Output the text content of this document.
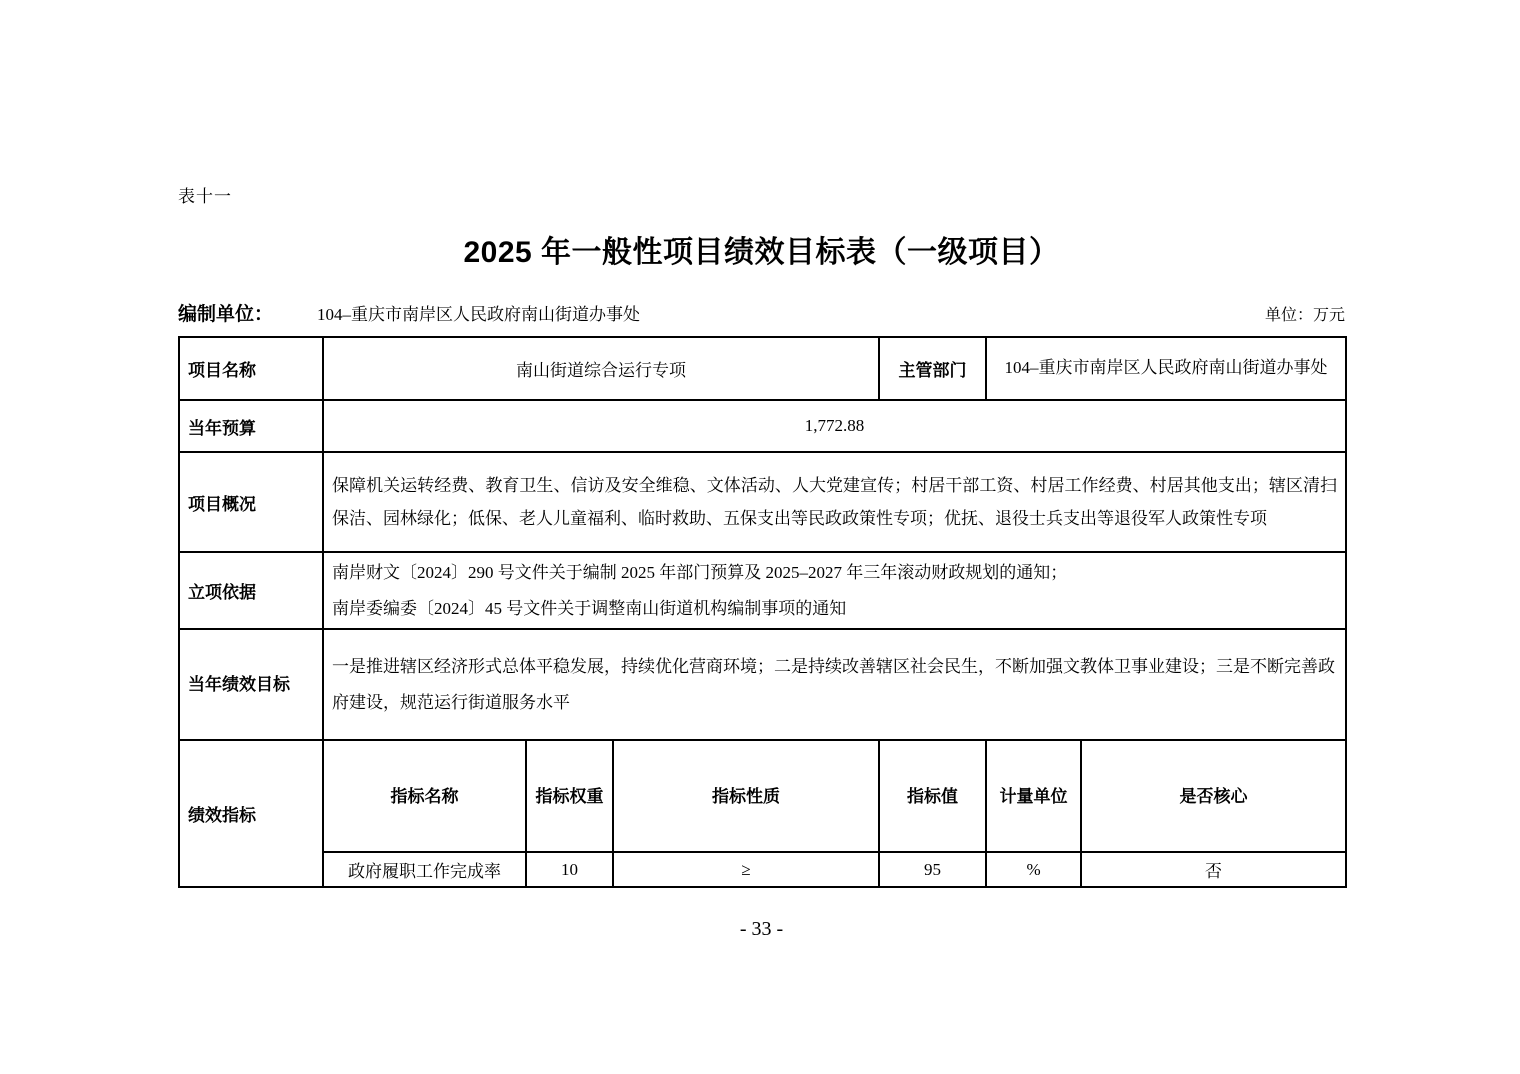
表十一
2025 年一般性项目绩效目标表（一级项目）
编制单位：	104–重庆市南岸区人民政府南山街道办事处	单位：万元
项目名称	南山街道综合运行专项			主管部门	104–重庆市南岸区人民政府南山街道办事处	
当年预算	1,772.88					
项目概况	保障机关运转经费、教育卫生、信访及安全维稳、文体活动、人大党建宣传；村居干部工资、村居工作经费、村居其他支出；辖区清扫保洁、园林绿化；低保、老人儿童福利、临时救助、五保支出等民政政策性专项；优抚、退役士兵支出等退役军人政策性专项					
立项依据	南岸财文〔2024〕290 号文件关于编制 2025 年部门预算及 2025–2027 年三年滚动财政规划的通知；
南岸委编委〔2024〕45 号文件关于调整南山街道机构编制事项的通知					

当年绩效目标	一是推进辖区经济形式总体平稳发展，持续优化营商环境；二是持续改善辖区社会民生，不断加强文教体卫事业建设；三是不断完善政府建设，规范运行街道服务水平					
绩效指标	指标名称	指标权重	指标性质	指标值	计量单位	是否核心
	政府履职工作完成率	10	≥	95	%	否
- 33 -
